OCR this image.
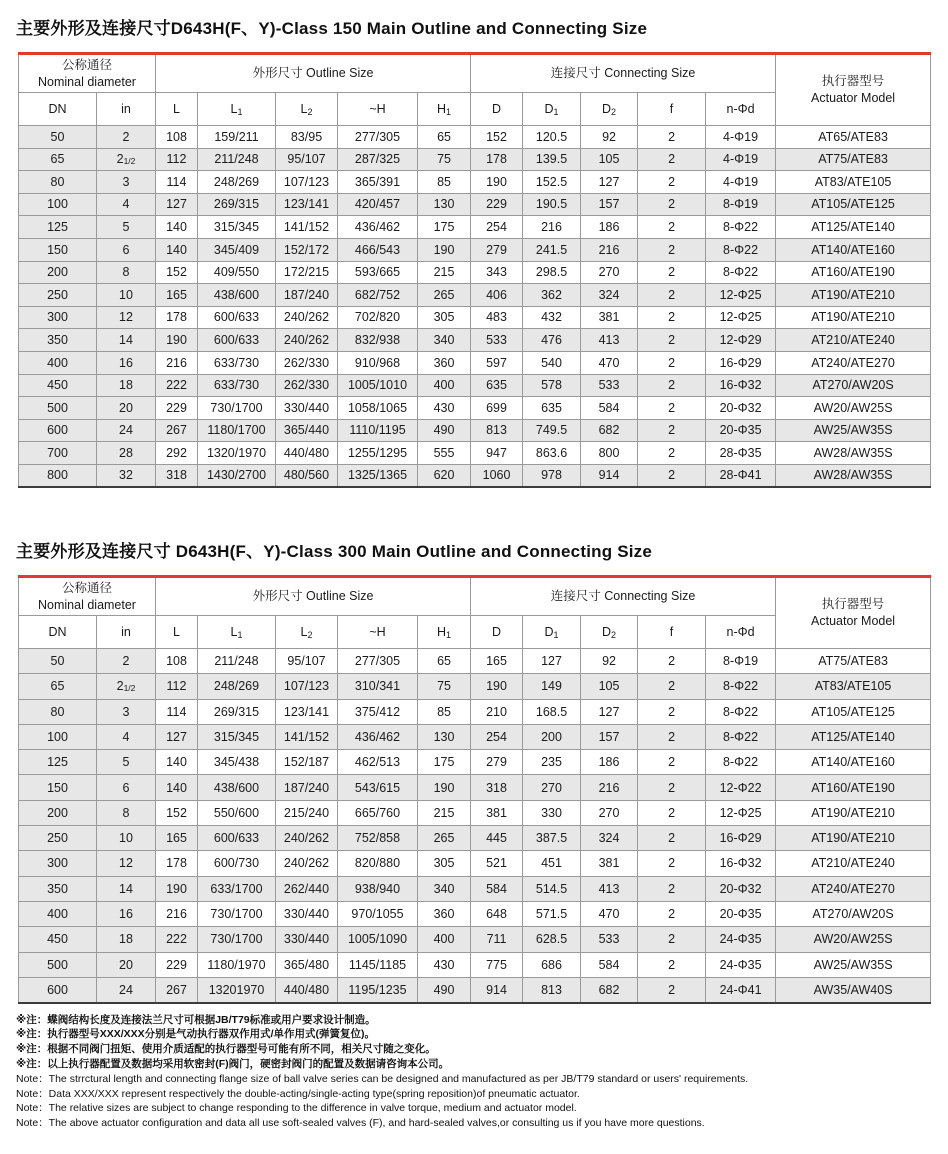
主要外形及连接尺寸D643H(F、Y)-Class 150 Main Outline and Connecting Size
公称通径
Nominal diameter		外形尺寸 Outline Size					连接尺寸 Connecting Size					执行器型号
Actuator Model

DN	in	L	$L_1$	$L_2$	~H	$H_1$	D	$D_1$	$D_2$	f	n-Φd	
50	2	108	159/211	83/95	277/305	65	152	120.5	92	2	4-Φ19	AT65/ATE83
65	21/2	112	211/248	95/107	287/325	75	178	139.5	105	2	4-Φ19	AT75/ATE83
80	3	114	248/269	107/123	365/391	85	190	152.5	127	2	4-Φ19	AT83/ATE105
100	4	127	269/315	123/141	420/457	130	229	190.5	157	2	8-Φ19	AT105/ATE125
125	5	140	315/345	141/152	436/462	175	254	216	186	2	8-Φ22	AT125/ATE140
150	6	140	345/409	152/172	466/543	190	279	241.5	216	2	8-Φ22	AT140/ATE160
200	8	152	409/550	172/215	593/665	215	343	298.5	270	2	8-Φ22	AT160/ATE190
250	10	165	438/600	187/240	682/752	265	406	362	324	2	12-Φ25	AT190/ATE210
300	12	178	600/633	240/262	702/820	305	483	432	381	2	12-Φ25	AT190/ATE210
350	14	190	600/633	240/262	832/938	340	533	476	413	2	12-Φ29	AT210/ATE240
400	16	216	633/730	262/330	910/968	360	597	540	470	2	16-Φ29	AT240/ATE270
450	18	222	633/730	262/330	1005/1010	400	635	578	533	2	16-Φ32	AT270/AW20S
500	20	229	730/1700	330/440	1058/1065	430	699	635	584	2	20-Φ32	AW20/AW25S
600	24	267	1180/1700	365/440	1110/1195	490	813	749.5	682	2	20-Φ35	AW25/AW35S
700	28	292	1320/1970	440/480	1255/1295	555	947	863.6	800	2	28-Φ35	AW28/AW35S
800	32	318	1430/2700	480/560	1325/1365	620	1060	978	914	2	28-Φ41	AW28/AW35S
主要外形及连接尺寸 D643H(F、Y)-Class 300 Main Outline and Connecting Size
公称通径
Nominal diameter		外形尺寸 Outline Size					连接尺寸 Connecting Size					执行器型号
Actuator Model

DN	in	L	$L_1$	$L_2$	~H	$H_1$	D	$D_1$	$D_2$	f	n-Φd	
50	2	108	211/248	95/107	277/305	65	165	127	92	2	8-Φ19	AT75/ATE83
65	21/2	112	248/269	107/123	310/341	75	190	149	105	2	8-Φ22	AT83/ATE105
80	3	114	269/315	123/141	375/412	85	210	168.5	127	2	8-Φ22	AT105/ATE125
100	4	127	315/345	141/152	436/462	130	254	200	157	2	8-Φ22	AT125/ATE140
125	5	140	345/438	152/187	462/513	175	279	235	186	2	8-Φ22	AT140/ATE160
150	6	140	438/600	187/240	543/615	190	318	270	216	2	12-Φ22	AT160/ATE190
200	8	152	550/600	215/240	665/760	215	381	330	270	2	12-Φ25	AT190/ATE210
250	10	165	600/633	240/262	752/858	265	445	387.5	324	2	16-Φ29	AT190/ATE210
300	12	178	600/730	240/262	820/880	305	521	451	381	2	16-Φ32	AT210/ATE240
350	14	190	633/1700	262/440	938/940	340	584	514.5	413	2	20-Φ32	AT240/ATE270
400	16	216	730/1700	330/440	970/1055	360	648	571.5	470	2	20-Φ35	AT270/AW20S
450	18	222	730/1700	330/440	1005/1090	400	711	628.5	533	2	24-Φ35	AW20/AW25S
500	20	229	1180/1970	365/480	1145/1185	430	775	686	584	2	24-Φ35	AW25/AW35S
600	24	267	13201970	440/480	1195/1235	490	914	813	682	2	24-Φ41	AW35/AW40S

※注：蝶阀结构长度及连接法兰尺寸可根据JB/T79标准或用户要求设计制造。

※注：执行器型号XXX/XXX分别是气动执行器双作用式/单作用式(弹簧复位)。

※注：根据不同阀门扭矩、使用介质适配的执行器型号可能有所不同，相关尺寸随之变化。

※注：以上执行器配置及数据均采用软密封(F)阀门，硬密封阀门的配置及数据请咨询本公司。

Note：The strrctural length and connecting flange size of ball valve series can be designed and manufactured as per JB/T79 standard or users' requirements.

Note：Data XXX/XXX represent respectively the double-acting/single-acting type(spring reposition)of pneumatic actuator.

Note：The relative sizes are subject to change responding to the difference in valve torque, medium and actuator model.

Note：The above actuator configuration and data all use soft-sealed valves (F), and hard-sealed valves,or consulting us if you have more questions.
